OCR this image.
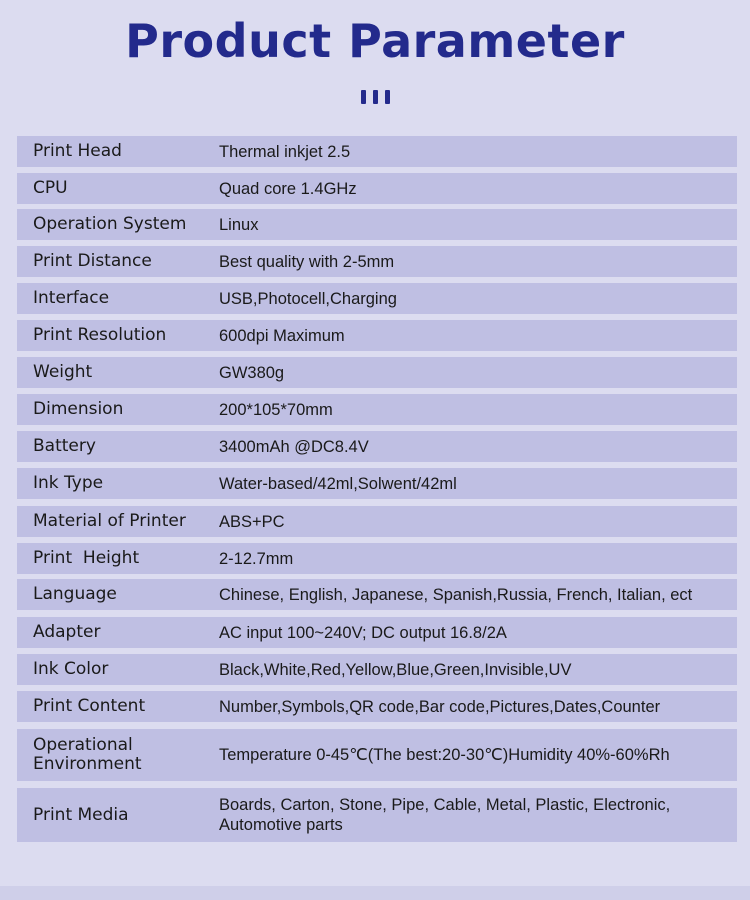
Product Parameter
Print Head	Thermal inkjet 2.5
CPU	Quad core 1.4GHz
Operation System	Linux
Print Distance	Best quality with 2-5mm
Interface	USB,Photocell,Charging
Print Resolution	600dpi Maximum
Weight	GW380g
Dimension	200*105*70mm
Battery	3400mAh @DC8.4V
Ink Type	Water-based/42ml,Solwent/42ml
Material of Printer	ABS+PC
Print  Height	2-12.7mm
Language	Chinese, English, Japanese, Spanish,Russia, French, Italian, ect
Adapter	AC input 100~240V; DC output 16.8/2A
Ink Color	Black,White,Red,Yellow,Blue,Green,Invisible,UV
Print Content	Number,Symbols,QR code,Bar code,Pictures,Dates,Counter
Operational
Environment	Temperature 0-45℃(The best:20-30℃)Humidity 40%-60%Rh
Print Media	Boards, Carton, Stone, Pipe, Cable, Metal, Plastic, Electronic,
Automotive parts
